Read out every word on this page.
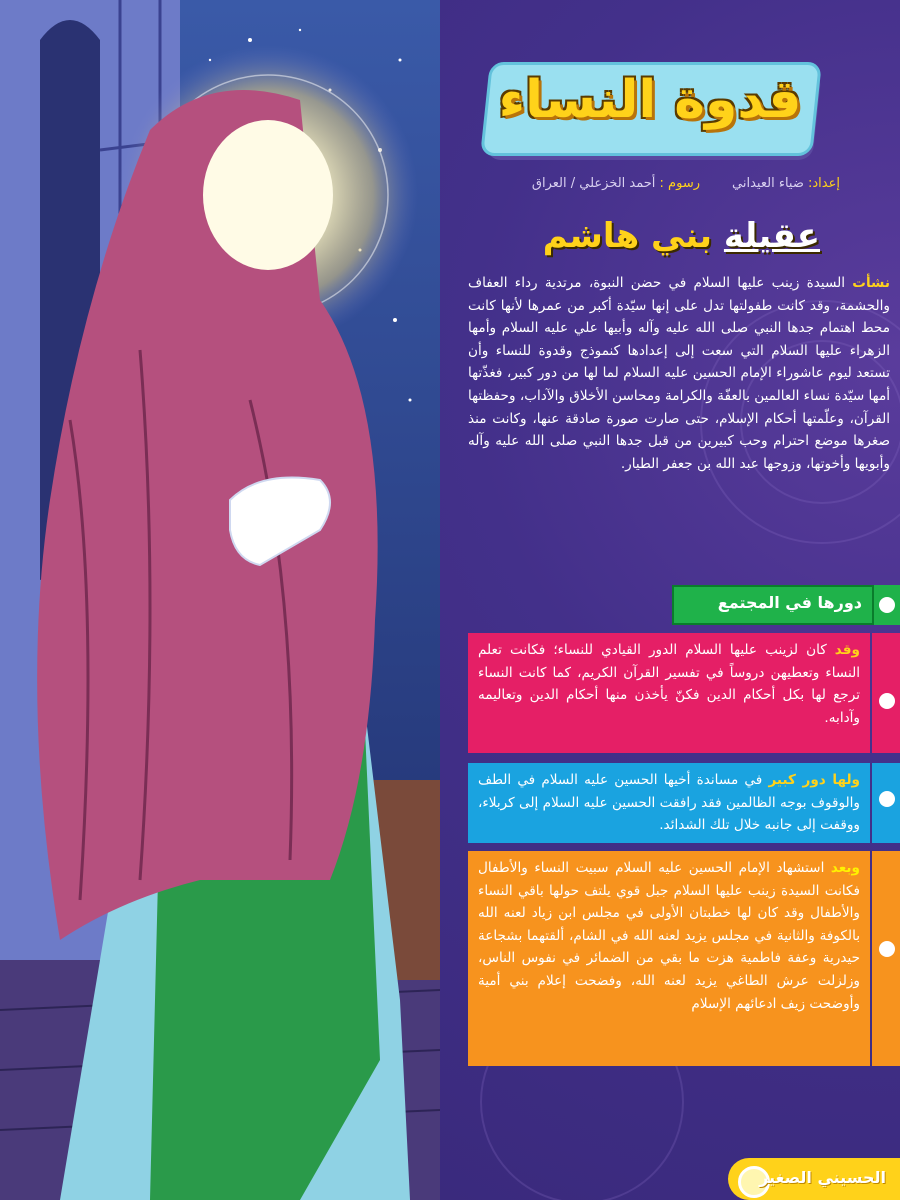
قدوة النساء
إعداد: ضياء العيداني
رسوم : أحمد الخزعلي / العراق
عقيلة بني هاشم
نشأت السيدة زينب عليها السلام في حضن النبوة، مرتدية رداء العفاف والحشمة، وقد كانت طفولتها تدل على إنها سيّدة أكبر من عمرها لأنها كانت محط اهتمام جدها النبي صلى الله عليه وآله وأبيها علي عليه السلام وأمها الزهراء عليها السلام التي سعت إلى إعدادها كنموذج وقدوة للنساء وأن تستعد ليوم عاشوراء الإمام الحسين عليه السلام لما لها من دور كبير، فغذّتها أمها سيّدة نساء العالمين بالعفّة والكرامة ومحاسن الأخلاق والآداب، وحفظتها القرآن، وعلّمتها أحكام الإسلام، حتى صارت صورة صادقة عنها، وكانت منذ صغرها موضع احترام وحب كبيرين من قبل جدها النبي صلى الله عليه وآله وأبويها وأخوتها، وزوجها عبد الله بن جعفر الطيار.
دورها في المجتمع
وقد كان لزينب عليها السلام الدور القيادي للنساء؛ فكانت تعلم النساء وتعطيهن دروساً في تفسير القرآن الكريم، كما كانت النساء ترجع لها بكل أحكام الدين فكنّ يأخذن منها أحكام الدين وتعاليمه وآدابه.
ولها دور كبير في مساندة أخيها الحسين عليه السلام في الطف والوقوف بوجه الظالمين فقد رافقت الحسين عليه السلام إلى كربلاء، ووقفت إلى جانبه خلال تلك الشدائد.
وبعد استشهاد الإمام الحسين عليه السلام سبيت النساء والأطفال فكانت السيدة زينب عليها السلام جبل قوي يلتف حولها باقي النساء والأطفال وقد كان لها خطبتان الأولى في مجلس ابن زياد لعنه الله بالكوفة والثانية في مجلس يزيد لعنه الله في الشام، ألقتهما بشجاعة حيدرية وعفة فاطمية هزت ما بقي من الضمائر في نفوس الناس، وزلزلت عرش الطاغي يزيد لعنه الله، وفضحت إعلام بني أمية وأوضحت زيف ادعائهم الإسلام
الحسيني الصغير
